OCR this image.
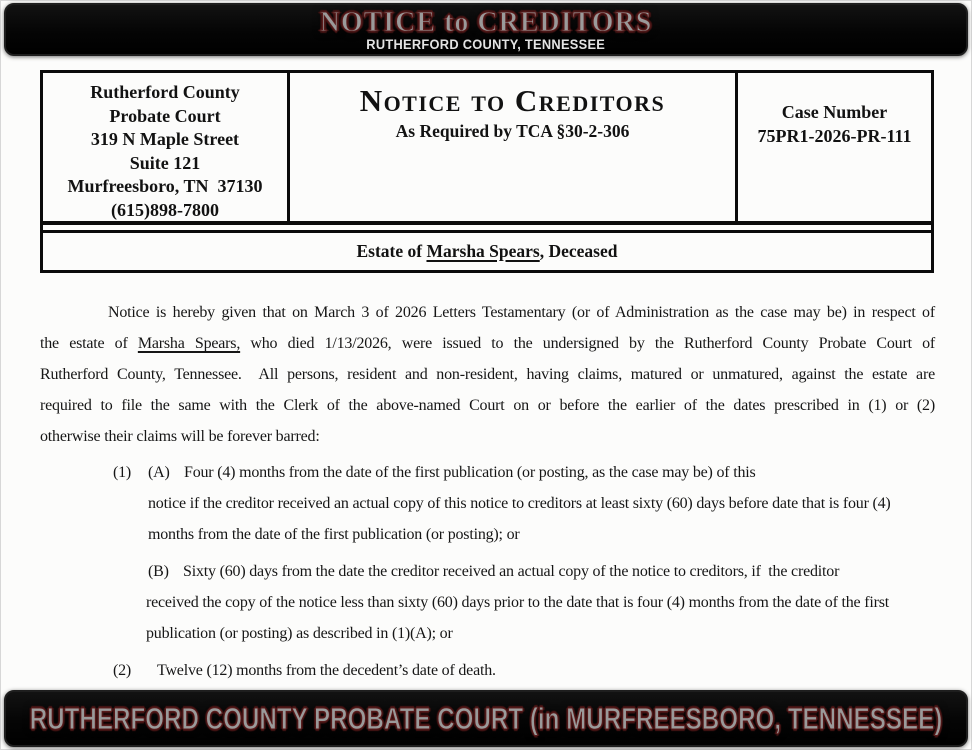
NOTICE to CREDITORS
RUTHERFORD COUNTY, TENNESSEE
Rutherford County
Probate Court
319 N Maple Street
Suite 121
Murfreesboro, TN  37130
(615)898-7800
Notice to Creditors
As Required by TCA §30-2-306
Case Number
75PR1-2026-PR-111
Estate of Marsha Spears , Deceased
Notice is hereby given that on March 3 of 2026 Letters Testamentary (or of Administration as the case may be) in respect of
the estate of Marsha Spears, who died 1/13/2026, were issued to the undersigned by the Rutherford County Probate Court of
Rutherford County, Tennessee.  All persons, resident and non-resident, having claims, matured or unmatured, against the estate are
required to file the same with the Clerk of the above-named Court on or before the earlier of the dates prescribed in (1) or (2)
otherwise their claims will be forever barred:
(1) (A) Four (4) months from the date of the first publication (or posting, as the case may be) of this
notice if the creditor received an actual copy of this notice to creditors at least sixty (60) days before date that is four (4)
months from the date of the first publication (or posting); or
(B) Sixty (60) days from the date the creditor received an actual copy of the notice to creditors, if  the creditor
received the copy of the notice less than sixty (60) days prior to the date that is four (4) months from the date of the first
publication (or posting) as described in (1)(A); or
(2) Twelve (12) months from the decedent’s date of death.
RUTHERFORD COUNTY PROBATE COURT (in MURFREESBORO, TENNESSEE)
